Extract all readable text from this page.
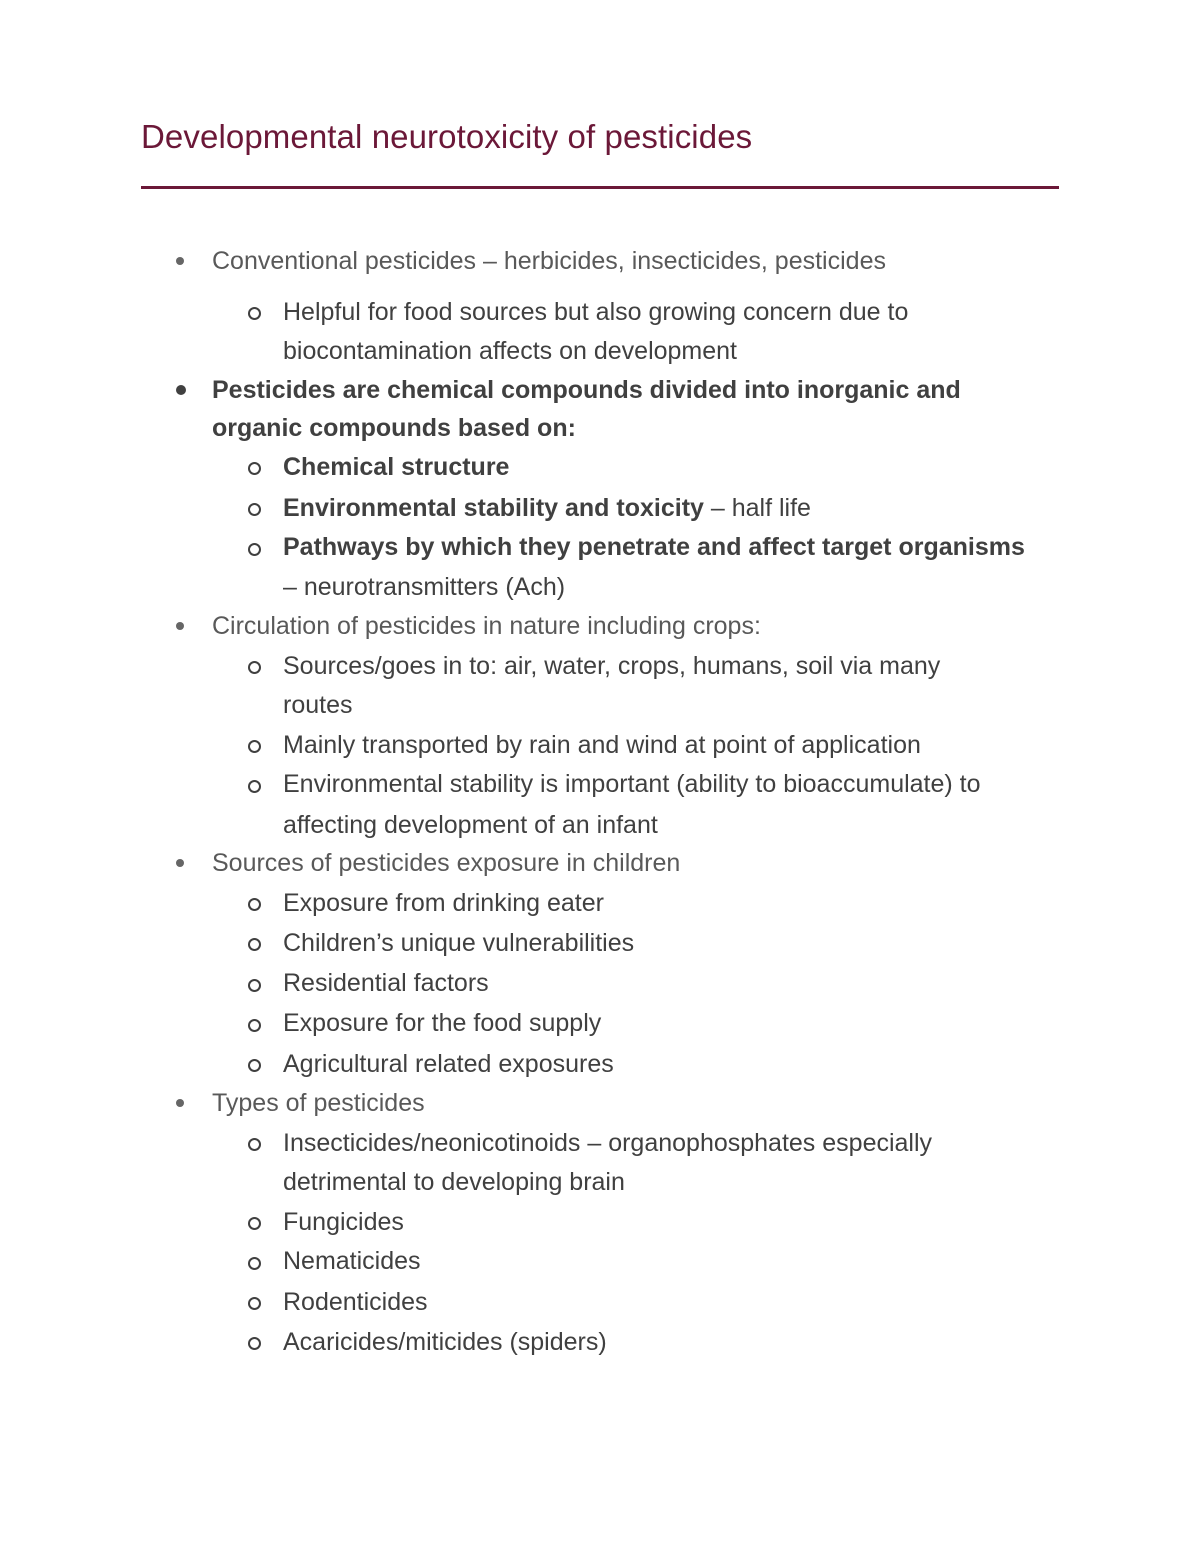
Developmental neurotoxicity of pesticides
Conventional pesticides – herbicides, insecticides, pesticides
Helpful for food sources but also growing concern due to
biocontamination affects on development
Pesticides are chemical compounds divided into inorganic and
organic compounds based on:
Chemical structure
Environmental stability and toxicity – half life
Pathways by which they penetrate and affect target organisms
– neurotransmitters (Ach)
Circulation of pesticides in nature including crops:
Sources/goes in to: air, water, crops, humans, soil via many
routes
Mainly transported by rain and wind at point of application
Environmental stability is important (ability to bioaccumulate) to
affecting development of an infant
Sources of pesticides exposure in children
Exposure from drinking eater
Children’s unique vulnerabilities
Residential factors
Exposure for the food supply
Agricultural related exposures
Types of pesticides
Insecticides/neonicotinoids – organophosphates especially
detrimental to developing brain
Fungicides
Nematicides
Rodenticides
Acaricides/miticides (spiders)
